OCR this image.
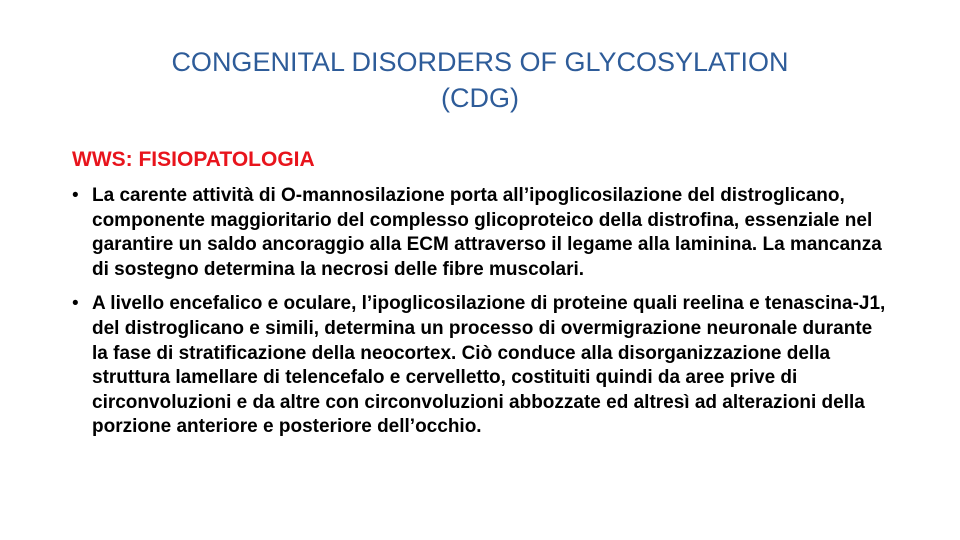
CONGENITAL DISORDERS OF GLYCOSYLATION
(CDG)
WWS: FISIOPATOLOGIA
• La carente attività di O-mannosilazione porta all’ipoglicosilazione del distroglicano, componente maggioritario del complesso glicoproteico della distrofina, essenziale nel garantire un saldo ancoraggio alla ECM attraverso il legame alla laminina. La mancanza di sostegno determina la necrosi delle fibre muscolari.
• A livello encefalico e oculare, l’ipoglicosilazione di proteine quali reelina e tenascina-J1, del distroglicano e simili, determina un processo di overmigrazione neuronale durante la fase di stratificazione della neocortex. Ciò conduce alla disorganizzazione della struttura lamellare di telencefalo e cervelletto, costituiti quindi da aree prive di circonvoluzioni e da altre con circonvoluzioni abbozzate ed altresì ad alterazioni della porzione anteriore e posteriore dell’occhio.
